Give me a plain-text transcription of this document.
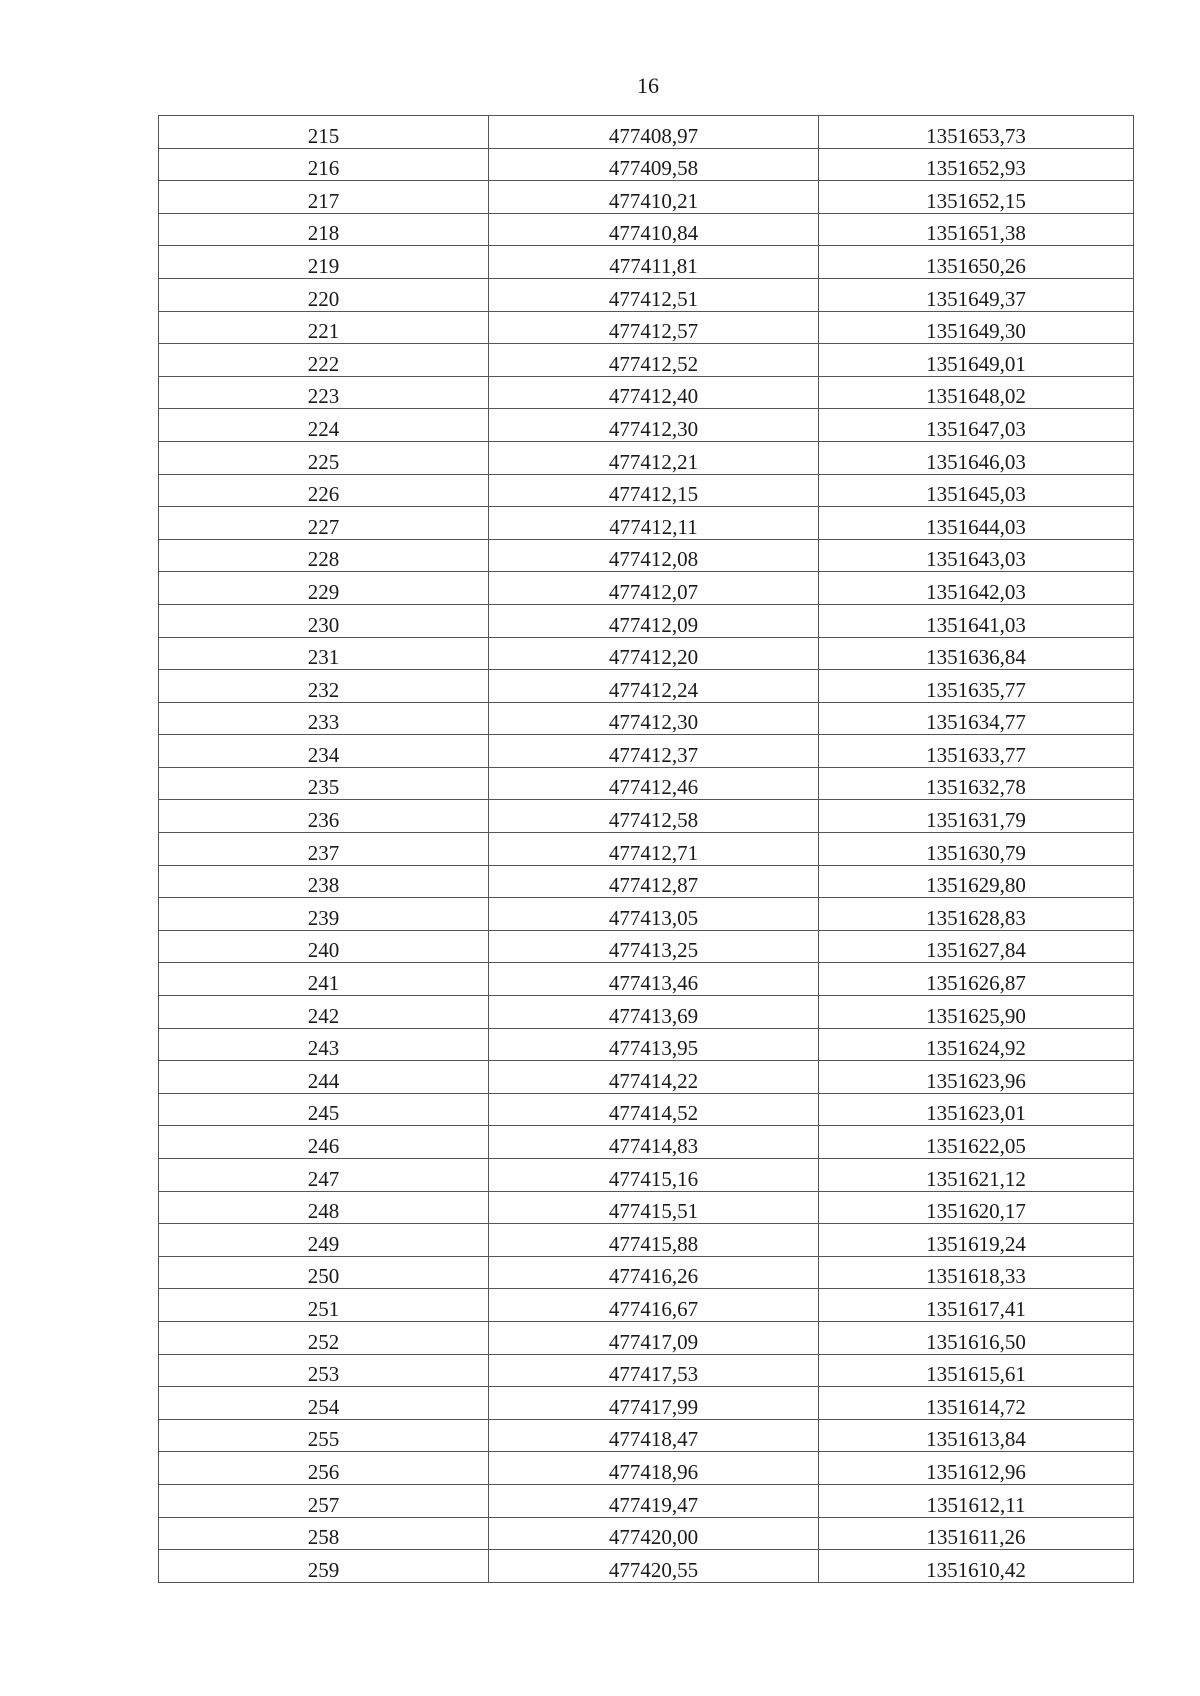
16
215	477408,97	1351653,73
216	477409,58	1351652,93
217	477410,21	1351652,15
218	477410,84	1351651,38
219	477411,81	1351650,26
220	477412,51	1351649,37
221	477412,57	1351649,30
222	477412,52	1351649,01
223	477412,40	1351648,02
224	477412,30	1351647,03
225	477412,21	1351646,03
226	477412,15	1351645,03
227	477412,11	1351644,03
228	477412,08	1351643,03
229	477412,07	1351642,03
230	477412,09	1351641,03
231	477412,20	1351636,84
232	477412,24	1351635,77
233	477412,30	1351634,77
234	477412,37	1351633,77
235	477412,46	1351632,78
236	477412,58	1351631,79
237	477412,71	1351630,79
238	477412,87	1351629,80
239	477413,05	1351628,83
240	477413,25	1351627,84
241	477413,46	1351626,87
242	477413,69	1351625,90
243	477413,95	1351624,92
244	477414,22	1351623,96
245	477414,52	1351623,01
246	477414,83	1351622,05
247	477415,16	1351621,12
248	477415,51	1351620,17
249	477415,88	1351619,24
250	477416,26	1351618,33
251	477416,67	1351617,41
252	477417,09	1351616,50
253	477417,53	1351615,61
254	477417,99	1351614,72
255	477418,47	1351613,84
256	477418,96	1351612,96
257	477419,47	1351612,11
258	477420,00	1351611,26
259	477420,55	1351610,42
